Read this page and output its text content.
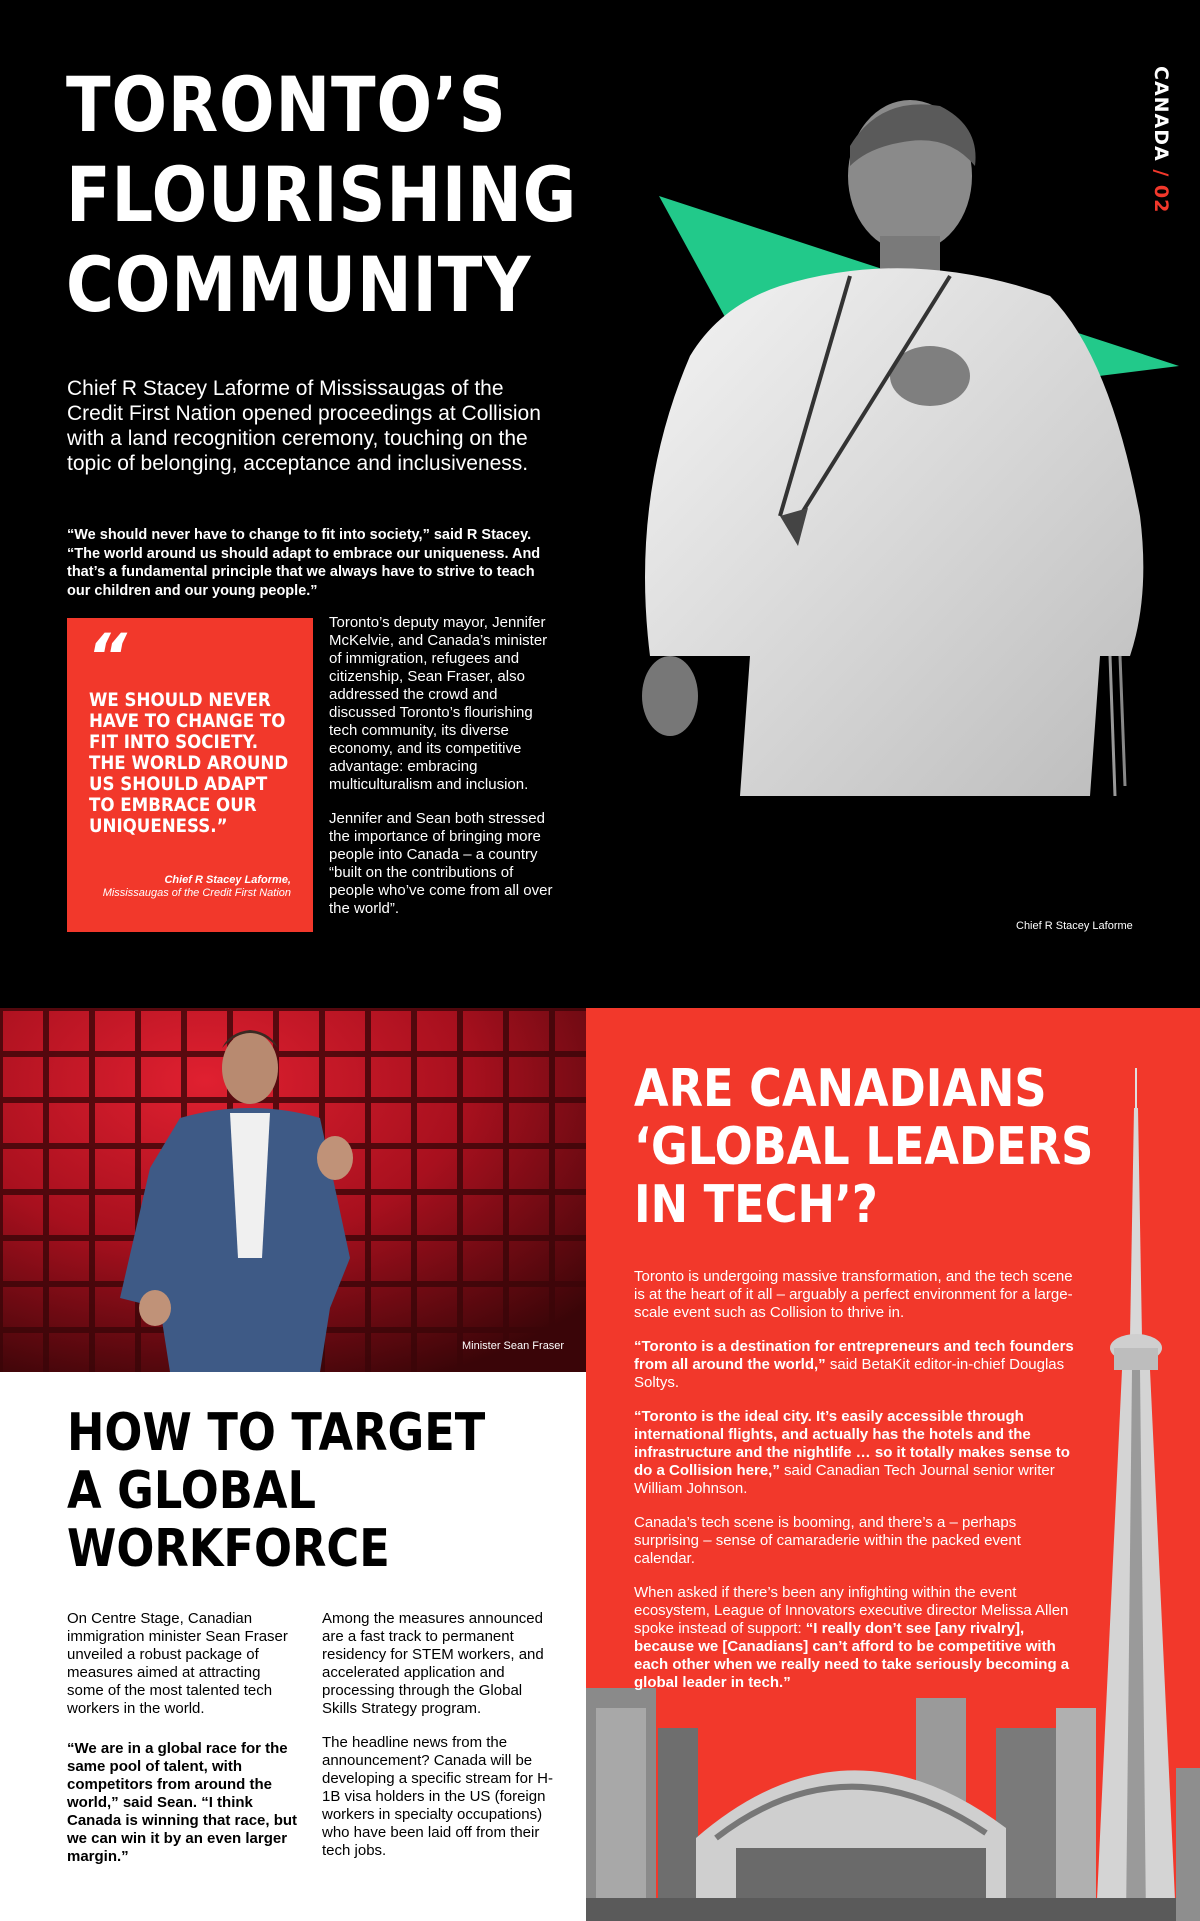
TORONTO’S
FLOURISHING
COMMUNITY

Chief R Stacey Laforme of Mississaugas of the Credit First Nation opened proceedings at Collision with a land recognition ceremony, touching on the topic of belonging, acceptance and inclusiveness.

“We should never have to change to fit into society,” said R Stacey. “The world around us should adapt to embrace our uniqueness. And that’s a fundamental principle that we always have to strive to teach our children and our young people.”

“

WE SHOULD NEVER HAVE TO CHANGE TO FIT INTO SOCIETY. THE WORLD AROUND US SHOULD ADAPT TO EMBRACE OUR UNIQUENESS.”

Chief R Stacey Laforme,
Mississaugas of the Credit First Nation

Toronto’s deputy mayor, Jennifer McKelvie, and Canada’s minister of immigration, refugees and citizenship, Sean Fraser, also addressed the crowd and discussed Toronto’s flourishing tech community, its diverse economy, and its competitive advantage: embracing multiculturalism and inclusion.

Jennifer and Sean both stressed the importance of bringing more people into Canada – a country “built on the contributions of people who’ve come from all over the world”.

Chief R Stacey Laforme
CANADA / 02
Minister Sean Fraser
HOW TO TARGET
A GLOBAL
WORKFORCE

On Centre Stage, Canadian immigration minister Sean Fraser unveiled a robust package of measures aimed at attracting some of the most talented tech workers in the world.

“We are in a global race for the same pool of talent, with competitors from around the world,” said Sean. “I think Canada is winning that race, but we can win it by an even larger margin.”

Among the measures announced are a fast track to permanent residency for STEM workers, and accelerated application and processing through the Global Skills Strategy program.

The headline news from the announcement? Canada will be developing a specific stream for H-1B visa holders in the US (foreign workers in specialty occupations) who have been laid off from their tech jobs.

ARE CANADIANS
‘GLOBAL LEADERS
IN TECH’?

Toronto is undergoing massive transformation, and the tech scene is at the heart of it all – arguably a perfect environment for a large-scale event such as Collision to thrive in.

“Toronto is a destination for entrepreneurs and tech founders from all around the world,” said BetaKit editor-in-chief Douglas Soltys.

“Toronto is the ideal city. It’s easily accessible through international flights, and actually has the hotels and the infrastructure and the nightlife … so it totally makes sense to do a Collision here,” said Canadian Tech Journal senior writer William Johnson.

Canada’s tech scene is booming, and there’s a – perhaps surprising – sense of camaraderie within the packed event calendar.

When asked if there’s been any infighting within the event ecosystem, League of Innovators executive director Melissa Allen spoke instead of support: “I really don’t see [any rivalry], because we [Canadians] can’t afford to be competitive with each other when we really need to take seriously becoming a global leader in tech.”
